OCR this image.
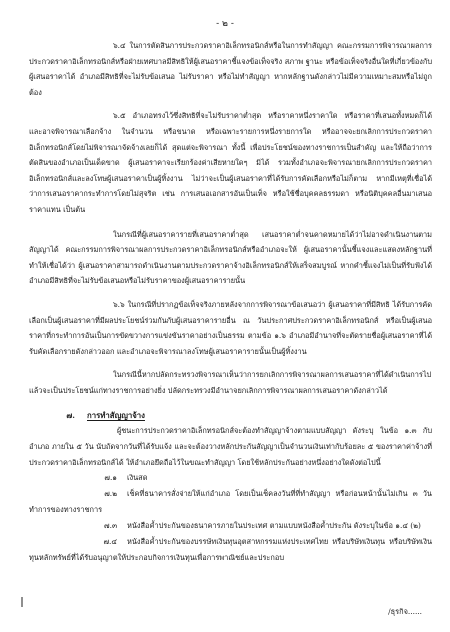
- ๒ -

๖.๔ ในการตัดสินการประกวดราคาอิเล็กทรอนิกส์หรือในการทำสัญญา คณะกรรมการพิจารณาผลการประกวดราคาอิเล็กทรอนิกส์หรือฝ่ายเทศบาลมีสิทธิให้ผู้เสนอราคาชี้แจงข้อเท็จจริง สภาพ ฐานะ หรือข้อเท็จจริงอื่นใดที่เกี่ยวข้องกับผู้เสนอราคาได้ อำเภอมีสิทธิที่จะไม่รับข้อเสนอ ไม่รับราคา หรือไม่ทำสัญญา หากหลักฐานดังกล่าวไม่มีความเหมาะสมหรือไม่ถูกต้อง

๖.๕ อำเภอทรงไว้ซึ่งสิทธิที่จะไม่รับราคาต่ำสุด หรือราคาหนึ่งราคาใด หรือราคาที่เสนอทั้งหมดก็ได้ และอาจพิจารณาเลือกจ้าง ในจำนวน หรือขนาด หรือเฉพาะรายการหนึ่งรายการใด หรืออาจจะยกเลิกการประกวดราคาอิเล็กทรอนิกส์โดยไม่พิจารณาจัดจ้างเลยก็ได้ สุดแต่จะพิจารณา ทั้งนี้ เพื่อประโยชน์ของทางราชการเป็นสำคัญ และให้ถือว่าการตัดสินของอำเภอเป็นเด็ดขาด ผู้เสนอราคาจะเรียกร้องค่าเสียหายใดๆ มิได้ รวมทั้งอำเภอจะพิจารณายกเลิกการประกวดราคาอิเล็กทรอนิกส์และลงโทษผู้เสนอราคาเป็นผู้ทิ้งงาน ไม่ว่าจะเป็นผู้เสนอราคาที่ได้รับการคัดเลือกหรือไม่ก็ตาม หากมีเหตุที่เชื่อได้ว่าการเสนอราคากระทำการโดยไม่สุจริต เช่น การเสนอเอกสารอันเป็นเท็จ หรือใช้ชื่อบุคคลธรรมดา หรือนิติบุคคลอื่นมาเสนอราคาแทน เป็นต้น

ในกรณีที่ผู้เสนอราคารายที่เสนอราคาต่ำสุด เสนอราคาต่ำจนคาดหมายได้ว่าไม่อาจดำเนินงานตามสัญญาได้ คณะกรรมการพิจารณาผลการประกวดราคาอิเล็กทรอนิกส์หรืออำเภอจะให้ ผู้เสนอราคานั้นชี้แจงและแสดงหลักฐานที่ทำให้เชื่อได้ว่า ผู้เสนอราคาสามารถดำเนินงานตามประกวดราคาจ้างอิเล็กทรอนิกส์ให้เสร็จสมบูรณ์ หากคำชี้แจงไม่เป็นที่รับฟังได้ อำเภอมีสิทธิที่จะไม่รับข้อเสนอหรือไม่รับราคาของผู้เสนอราคารายนั้น

๖.๖ ในกรณีที่ปรากฏข้อเท็จจริงภายหลังจากการพิจารณาข้อเสนอว่า ผู้เสนอราคาที่มีสิทธิ ได้รับการคัดเลือกเป็นผู้เสนอราคาที่มีผลประโยชน์ร่วมกันกับผู้เสนอราคารายอื่น ณ วันประกาศประกวดราคาอิเล็กทรอนิกส์ หรือเป็นผู้เสนอราคาที่กระทำการอันเป็นการขัดขวางการแข่งขันราคาอย่างเป็นธรรม ตามข้อ ๑.๖ อำเภอมีอำนาจที่จะตัดรายชื่อผู้เสนอราคาที่ได้รับคัดเลือกรายดังกล่าวออก และอำเภอจะพิจารณาลงโทษผู้เสนอราคารายนั้นเป็นผู้ทิ้งงาน

ในกรณีนี้หากปลัดกระทรวงพิจารณาเห็นว่าการยกเลิกการพิจารณาผลการเสนอราคาที่ได้ดำเนินการไปแล้วจะเป็นประโยชน์แก่ทางราชการอย่างยิ่ง ปลัดกระทรวงมีอำนาจยกเลิกการพิจารณาผลการเสนอราคาดังกล่าวได้

๗.	การทำสัญญาจ้าง

ผู้ชนะการประกวดราคาอิเล็กทรอนิกส์จะต้องทำสัญญาจ้างตามแบบสัญญา ดังระบุ ในข้อ ๑.๓ กับอำเภอ ภายใน ๕ วัน นับถัดจากวันที่ได้รับแจ้ง และจะต้องวางหลักประกันสัญญาเป็นจำนวนเงินเท่ากับร้อยละ ๕ ของราคาค่าจ้างที่ประกวดราคาอิเล็กทรอนิกส์ได้ ให้อำเภอยึดถือไว้ในขณะทำสัญญา โดยใช้หลักประกันอย่างหนึ่งอย่างใดดังต่อไปนี้

๗.๑ เงินสด

๗.๒ เช็คที่ธนาคารสั่งจ่ายให้แก่อำเภอ โดยเป็นเช็คลงวันที่ที่ทำสัญญา หรือก่อนหน้านั้นไม่เกิน ๓ วันทำการของทางราชการ

๗.๓ หนังสือค้ำประกันของธนาคารภายในประเทศ ตามแบบหนังสือค้ำประกัน ดังระบุในข้อ ๑.๔ (๒)

๗.๔ หนังสือค้ำประกันของบรรษัทเงินทุนอุตสาหกรรมแห่งประเทศไทย หรือบริษัทเงินทุน หรือบริษัทเงินทุนหลักทรัพย์ที่ได้รับอนุญาตให้ประกอบกิจการเงินทุนเพื่อการพาณิชย์และประกอบ

/ธุรกิจ......
